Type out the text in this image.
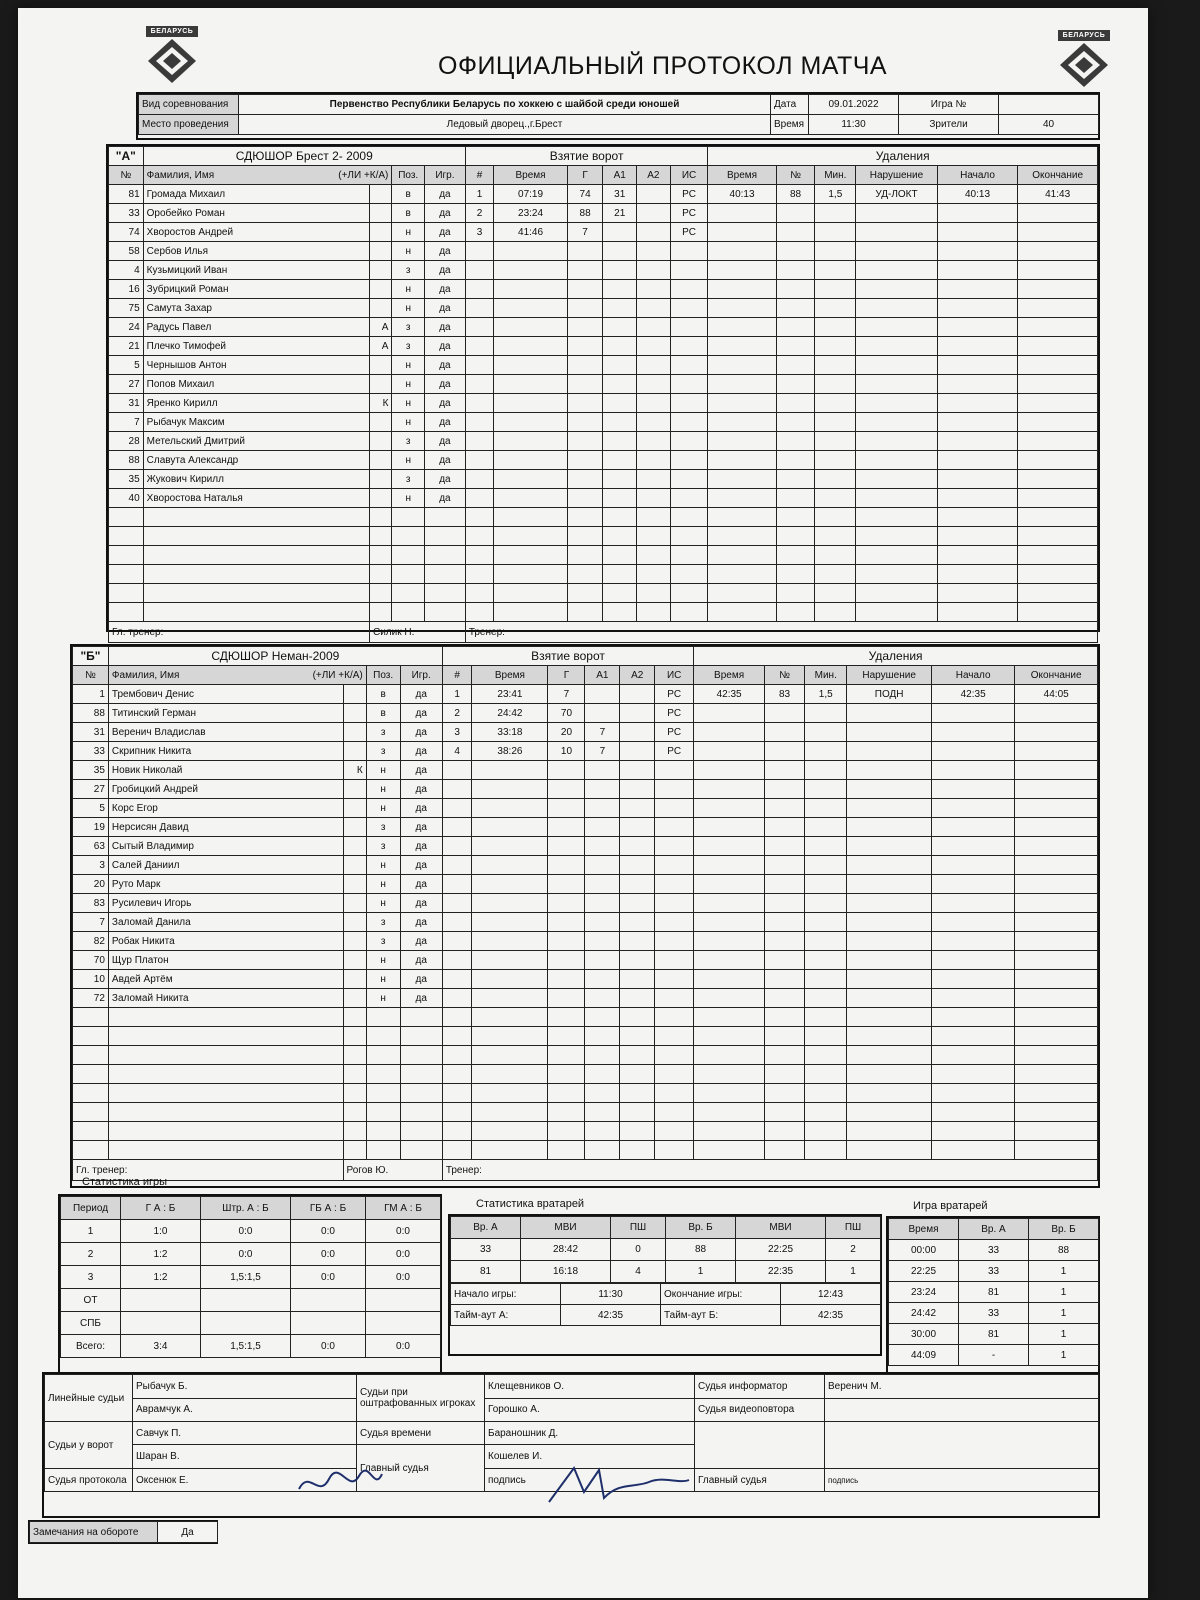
БЕЛАРУСЬ
БЕЛАРУСЬ
ОФИЦИАЛЬНЫЙ ПРОТОКОЛ МАТЧА
Вид соревнования	Первенство Республики Беларусь по хоккею с шайбой среди юношей	Дата	09.01.2022	Игра №	
Место проведения	Ледовый дворец.,г.Брест	Время	11:30	Зрители	40
"А"	СДЮШОР Брест 2- 2009				Взятие ворот						Удаления					
№	Фамилия, Имя (+ЛИ +К/А)		Поз.	Игр.	#	Время	Г	А1	А2	ИС	Время	№	Мин.	Нарушение	Начало	Окончание
81	Громада Михаил		в	да	1	07:19	74	31		РС	40:13	88	1,5	УД-ЛОКТ	40:13	41:43
33	Оробейко Роман		в	да	2	23:24	88	21		РС						
74	Хворостов Андрей		н	да	3	41:46	7			РС						
58	Сербов Илья		н	да												
4	Кузьмицкий Иван		з	да												
16	Зубрицкий Роман		н	да												
75	Самута Захар		н	да												
24	Радусь Павел	А	з	да												
21	Плечко Тимофей	А	з	да												
5	Чернышов Антон		н	да												
27	Попов Михаил		н	да												
31	Яренко Кирилл	К	н	да												
7	Рыбачук Максим		н	да												
28	Метельский Дмитрий		з	да												
88	Славута Александр		н	да												
35	Жукович Кирилл		з	да												
40	Хворостова Наталья		н	да												

Гл. тренер:		Силик Н.			Тренер:											
"Б"	СДЮШОР Неман-2009				Взятие ворот						Удаления					
№	Фамилия, Имя (+ЛИ +К/А)		Поз.	Игр.	#	Время	Г	А1	А2	ИС	Время	№	Мин.	Нарушение	Начало	Окончание
1	Трембович Денис		в	да	1	23:41	7			РС	42:35	83	1,5	ПОДН	42:35	44:05
88	Титинский Герман		в	да	2	24:42	70			РС						
31	Веренич Владислав		з	да	3	33:18	20	7		РС						
33	Скрипник Никита		з	да	4	38:26	10	7		РС						
35	Новик Николай	К	н	да												
27	Гробицкий Андрей		н	да												
5	Корс Егор		н	да												
19	Нерсисян Давид		з	да												
63	Сытый Владимир		з	да												
3	Салей Даниил		н	да												
20	Руто Марк		н	да												
83	Русилевич Игорь		н	да												
7	Заломай Данила		з	да												
82	Робак Никита		з	да												
70	Щур Платон		н	да												
10	Авдей Артём		н	да												
72	Заломай Никита		н	да												

Гл. тренер:		Рогов Ю.			Тренер:											
Статистика игры
Период	Г А : Б	Штр. А : Б	ГБ А : Б	ГМ А : Б
1	1:0	0:0	0:0	0:0
2	1:2	0:0	0:0	0:0
3	1:2	1,5:1,5	0:0	0:0
ОТ				
СПБ				
Всего:	3:4	1,5:1,5	0:0	0:0
Статистика вратарей
Вр. А	МВИ	ПШ	Вр. Б	МВИ	ПШ
33	28:42	0	88	22:25	2
81	16:18	4	1	22:35	1
Начало игры:	11:30	Окончание игры:	12:43
Тайм-аут А:	42:35	Тайм-аут Б:	42:35
Игра вратарей
Время	Вр. А	Вр. Б
00:00	33	88
22:25	33	1
23:24	81	1
24:42	33	1
30:00	81	1
44:09	-	1
Линейные судьи	Рыбачук Б.	Судьи при оштрафованных игроках	Клещевников О.	Судья информатор	Веренич М.
	Аврамчук А.		Горошко А.	Судья видеоповтора	
Судьи у ворот	Савчук П.	Судья времени	Бараношник Д.		
	Шаран В.	Главный судья	Кошелев И.		
Судья протокола	Оксенюк Е.		подпись	Главный судья	подпись
Замечания на обороте	Да
